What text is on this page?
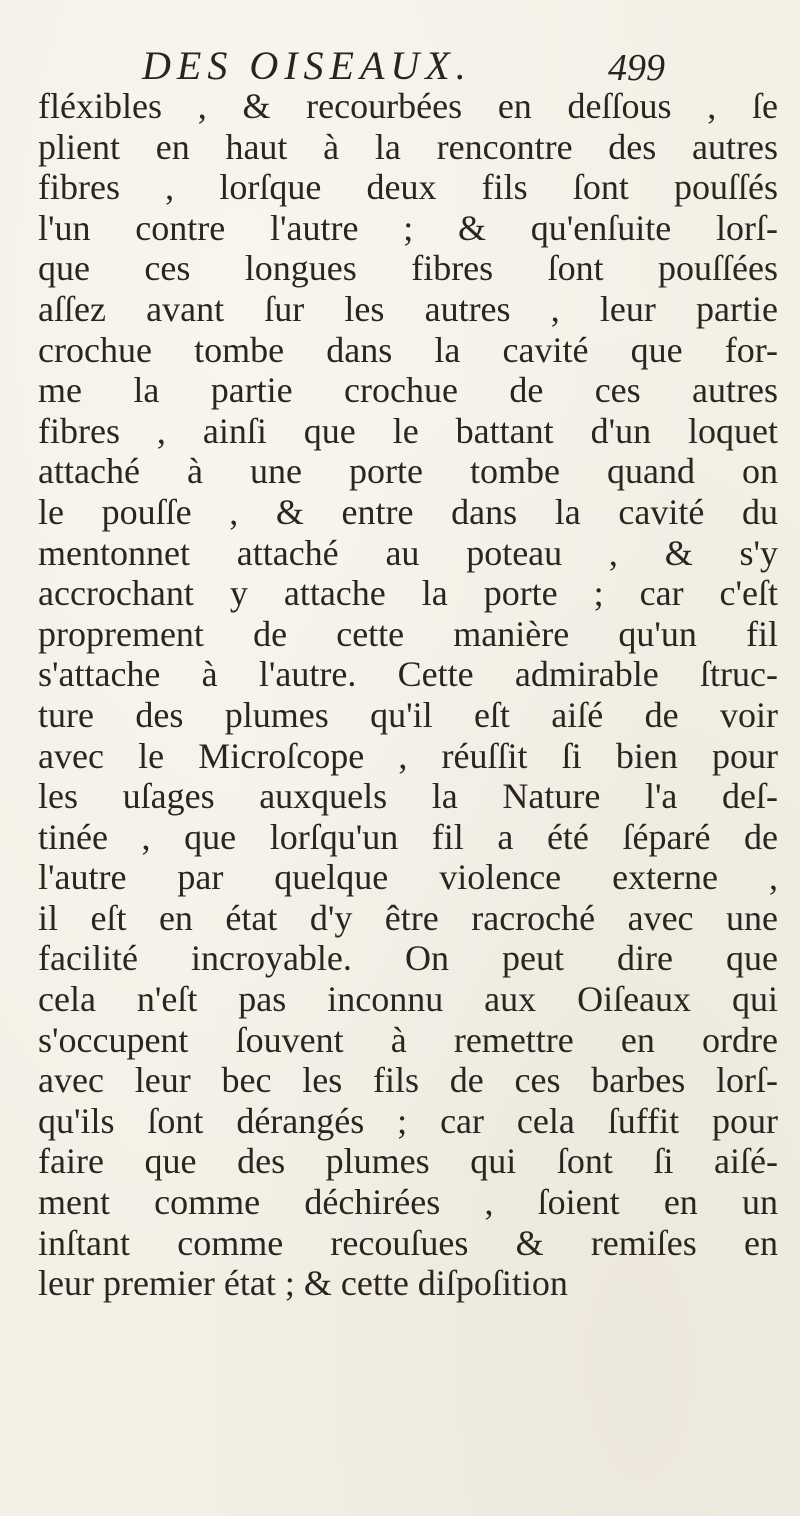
DES OISEAUX.	499
fléxibles , & recourbées en deſſous , ſe
plient en haut à la rencontre des autres
fibres , lorſque deux fils ſont pouſſés
l'un contre l'autre ; & qu'enſuite lorſ-
que ces longues fibres ſont pouſſées
aſſez avant ſur les autres , leur partie
crochue tombe dans la cavité que for-
me la partie crochue de ces autres
fibres , ainſi que le battant d'un loquet
attaché à une porte tombe quand on
le pouſſe , & entre dans la cavité du
mentonnet attaché au poteau , & s'y
accrochant y attache la porte ; car c'eſt
proprement de cette manière qu'un fil
s'attache à l'autre. Cette admirable ſtruc-
ture des plumes qu'il eſt aiſé de voir
avec le Microſcope , réuſſit ſi bien pour
les uſages auxquels la Nature l'a deſ-
tinée , que lorſqu'un fil a été ſéparé de
l'autre par quelque violence externe ,
il eſt en état d'y être racroché avec une
facilité incroyable. On peut dire que
cela n'eſt pas inconnu aux Oiſeaux qui
s'occupent ſouvent à remettre en ordre
avec leur bec les fils de ces barbes lorſ-
qu'ils ſont dérangés ; car cela ſuffit pour
faire que des plumes qui ſont ſi aiſé-
ment comme déchirées , ſoient en un
inſtant comme recouſues & remiſes en
leur premier état ; & cette diſpoſition
